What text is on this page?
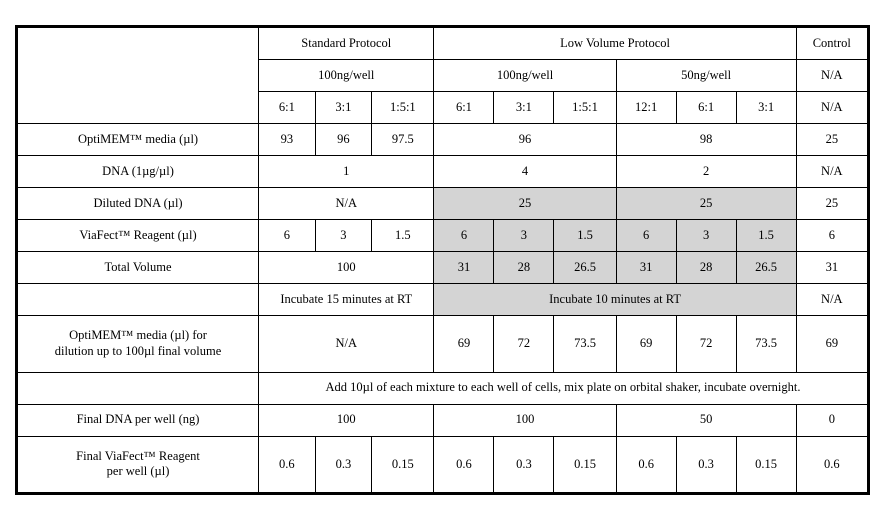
	Standard Protocol			Low Volume Protocol						Control
	100ng/well			100ng/well			50ng/well			N/A
	6:1	3:1	1:5:1	6:1	3:1	1:5:1	12:1	6:1	3:1	N/A
OptiMEM™ media (µl)	93	96	97.5	96			98			25
DNA (1µg/µl)	1			4			2			N/A
Diluted DNA (µl)	N/A			25			25			25
ViaFect™ Reagent (µl)	6	3	1.5	6	3	1.5	6	3	1.5	6
Total Volume	100			31	28	26.5	31	28	26.5	31
	Incubate 15 minutes at RT			Incubate 10 minutes at RT						N/A
OptiMEM™ media (µl) for
dilution up to 100µl final volume	N/A			69	72	73.5	69	72	73.5	69
	Add 10µl of each mixture to each well of cells, mix plate on orbital shaker, incubate overnight.									
Final DNA per well (ng)	100			100			50			0
Final ViaFect™ Reagent
per well (µl)	0.6	0.3	0.15	0.6	0.3	0.15	0.6	0.3	0.15	0.6
